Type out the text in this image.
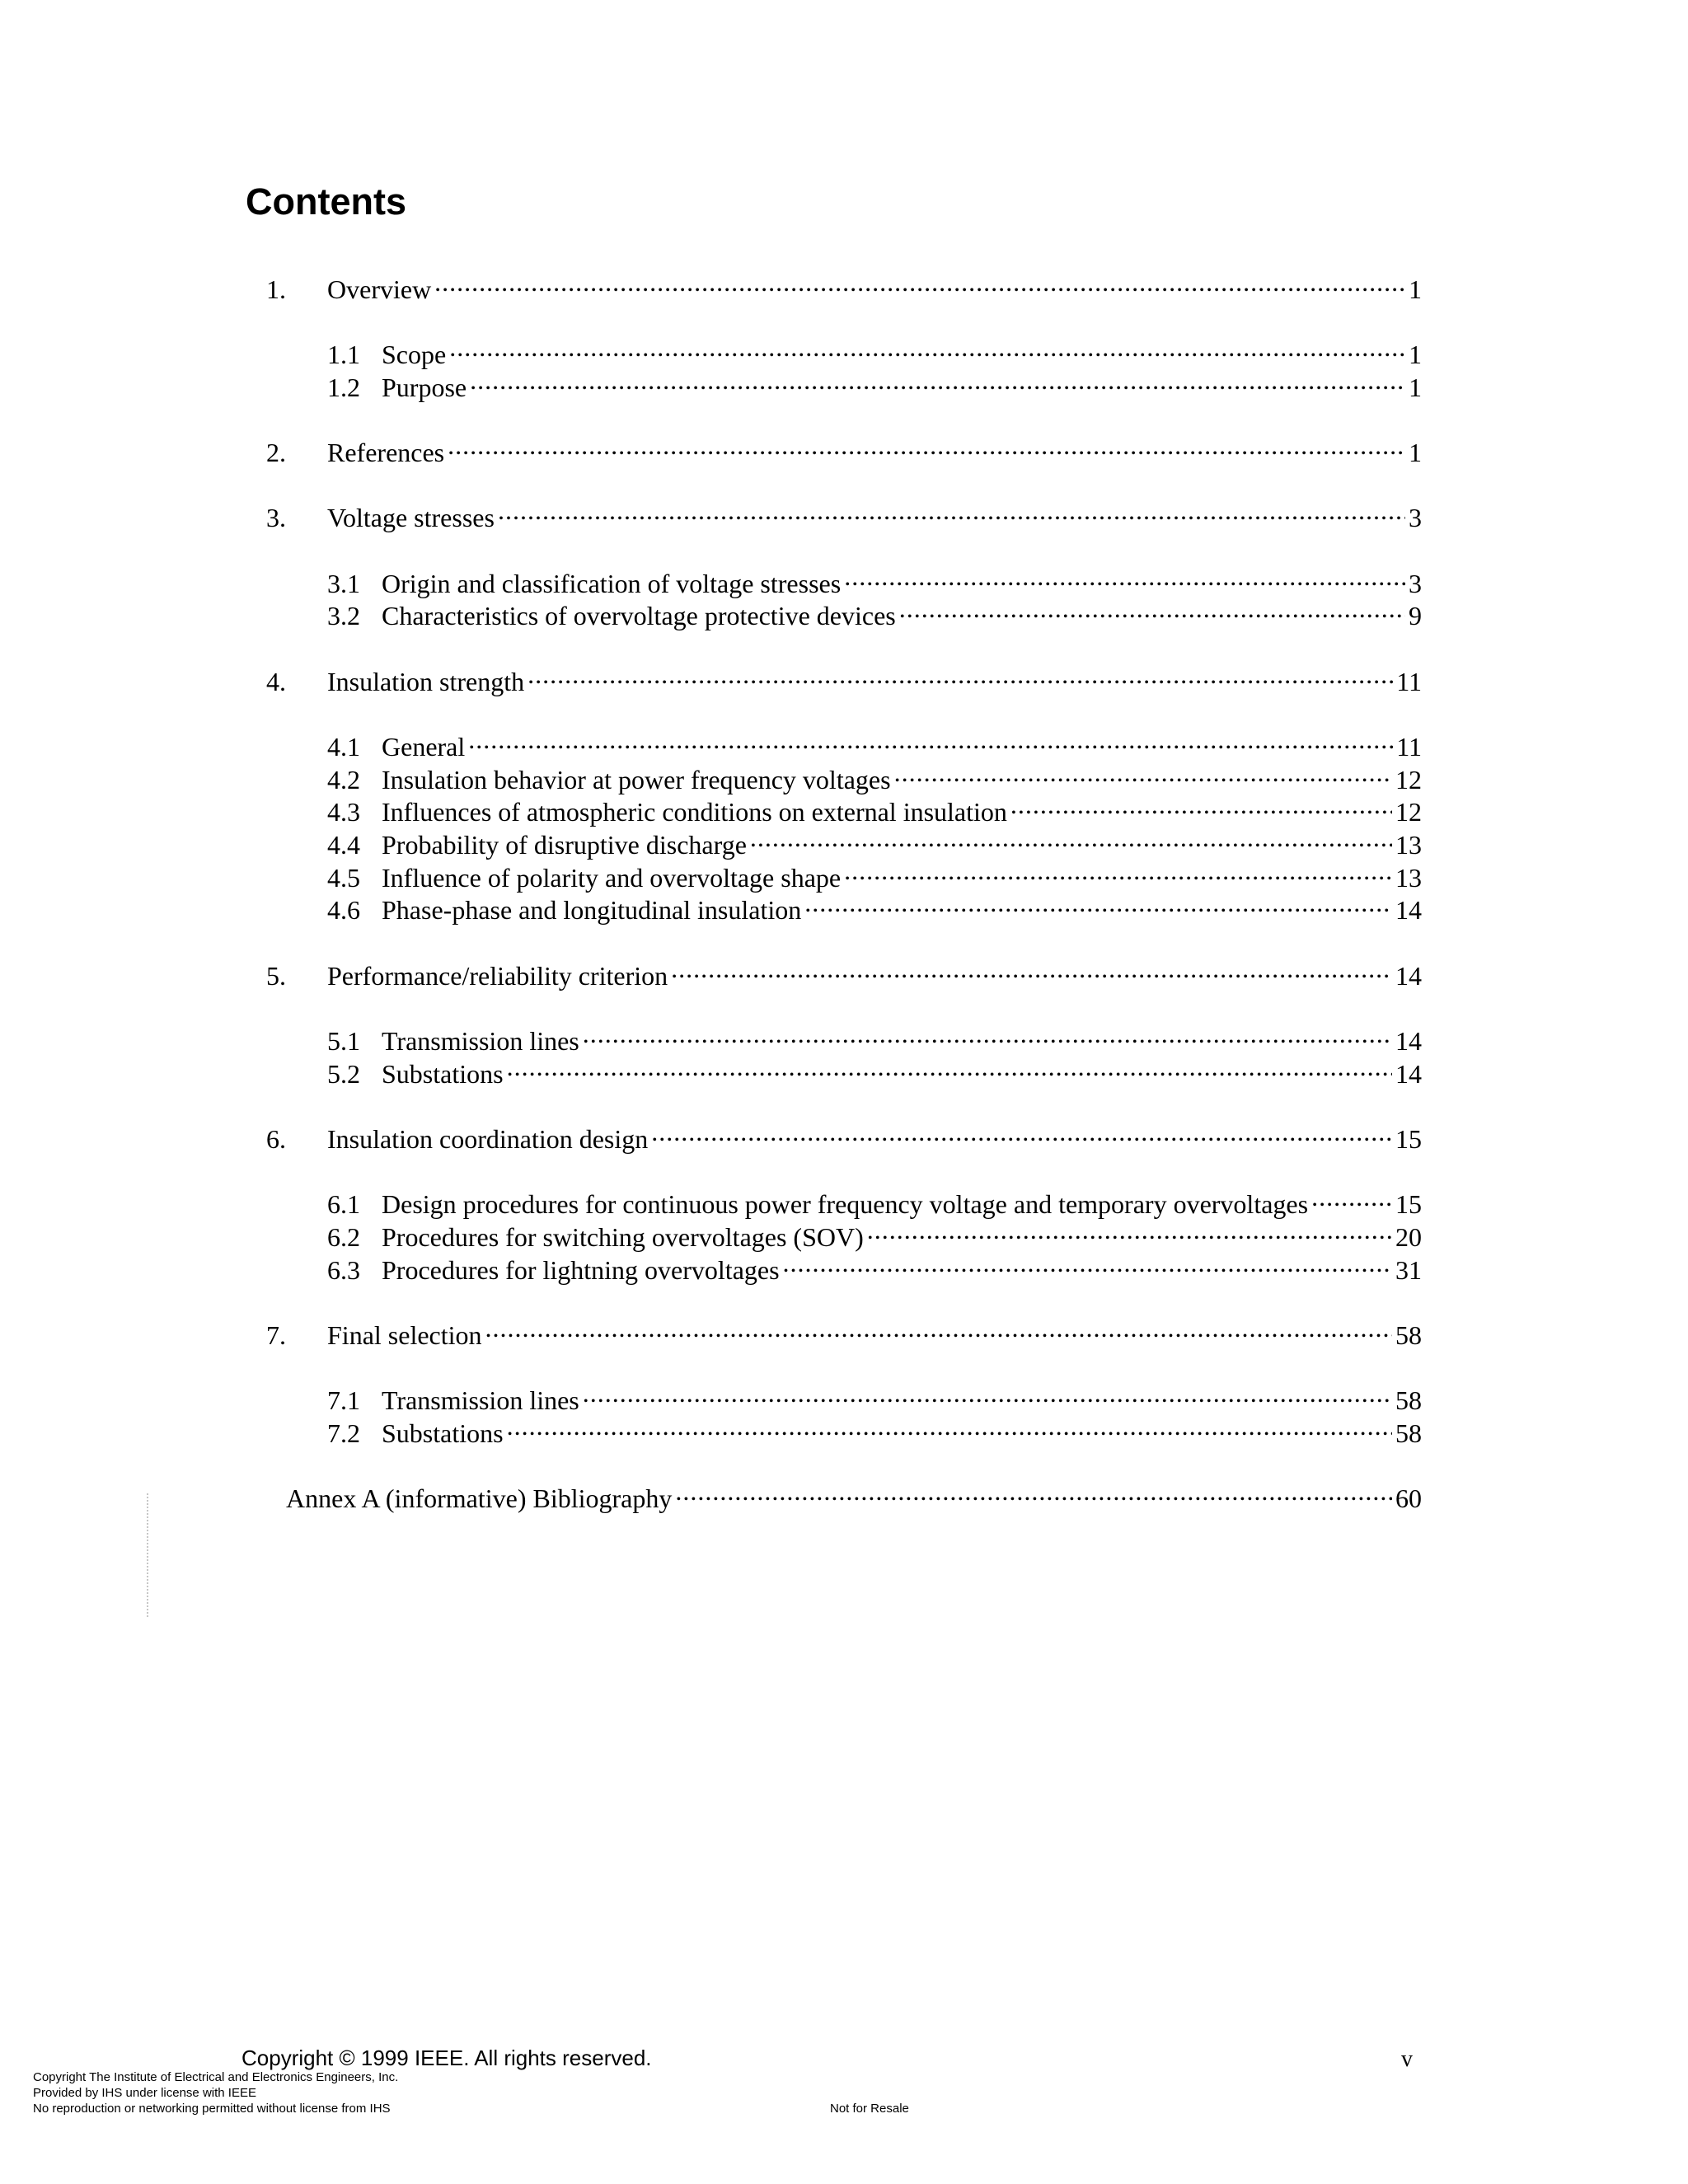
Contents
1.	Overview .....	1
1.1 Scope .....	1
1.2 Purpose .....	1
2.	References .....	1
3.	Voltage stresses .....	3
3.1 Origin and classification of voltage stresses .....	3
3.2 Characteristics of overvoltage protective devices .....	9
4.	Insulation strength .....	11
4.1 General .....	11
4.2 Insulation behavior at power frequency voltages .....	12
4.3 Influences of atmospheric conditions on external insulation .....	12
4.4 Probability of disruptive discharge .....	13
4.5 Influence of polarity and overvoltage shape .....	13
4.6 Phase-phase and longitudinal insulation .....	14
5.	Performance/reliability criterion .....	14
5.1 Transmission lines .....	14
5.2 Substations .....	14
6.	Insulation coordination design .....	15
6.1 Design procedures for continuous power frequency voltage and temporary overvoltages .....	15
6.2 Procedures for switching overvoltages (SOV) .....	20
6.3 Procedures for lightning overvoltages .....	31
7.	Final selection .....	58
7.1 Transmission lines .....	58
7.2 Substations .....	58
Annex A (informative) Bibliography .....	60
Copyright © 1999 IEEE. All rights reserved.	v
Copyright The Institute of Electrical and Electronics Engineers, Inc.
Provided by IHS under license with IEEE
No reproduction or networking permitted without license from IHS	Not for Resale
